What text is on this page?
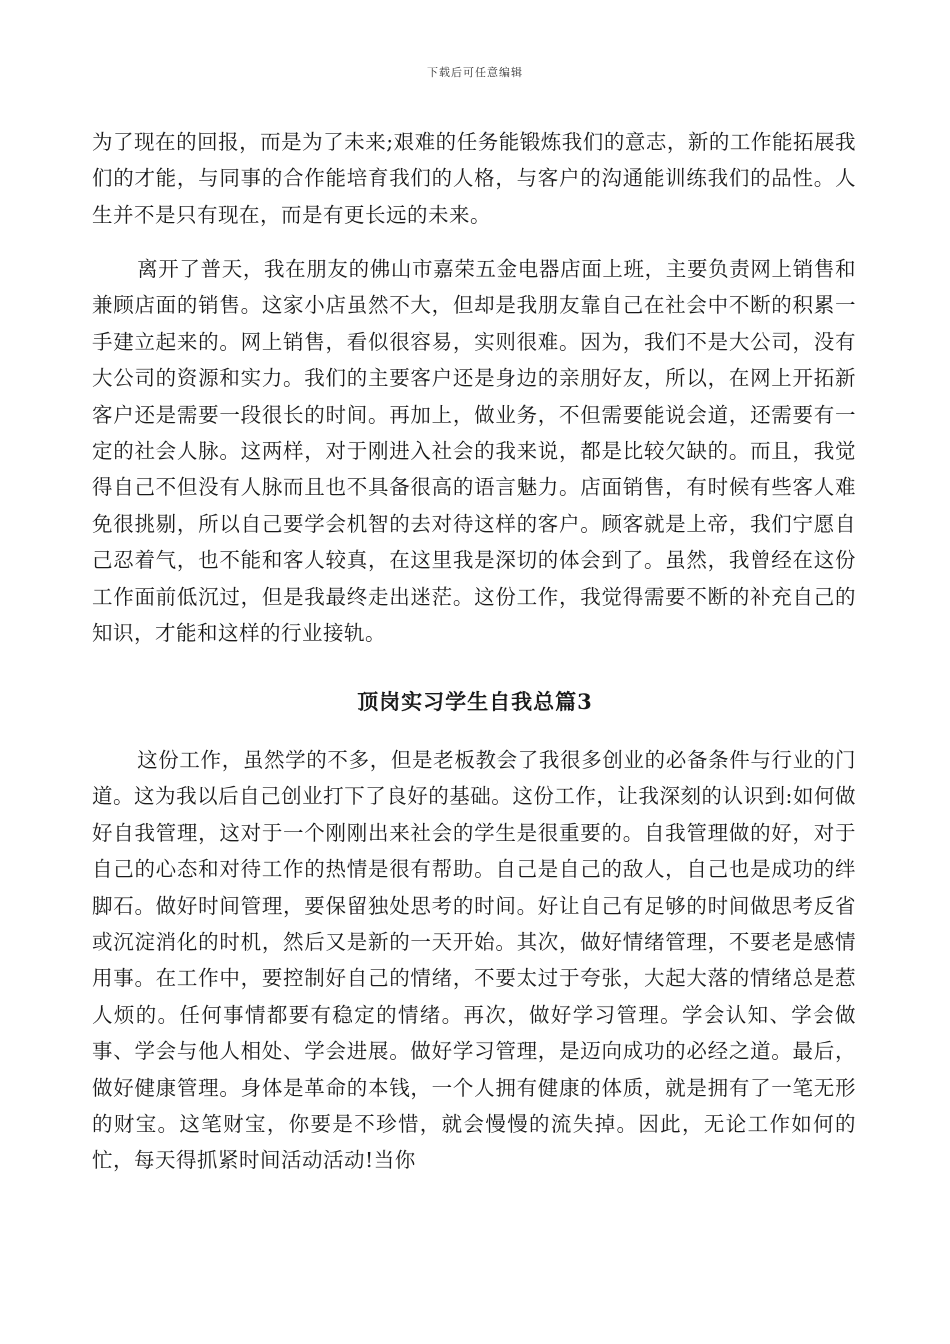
下载后可任意编辑

为了现在的回报，而是为了未来;艰难的任务能锻炼我们的意志，新的工作能拓展我们的才能，与同事的合作能培育我们的人格，与客户的沟通能训练我们的品性。人生并不是只有现在，而是有更长远的未来。

离开了普天，我在朋友的佛山市嘉荣五金电器店面上班，主要负责网上销售和兼顾店面的销售。这家小店虽然不大，但却是我朋友靠自己在社会中不断的积累一手建立起来的。网上销售，看似很容易，实则很难。因为，我们不是大公司，没有大公司的资源和实力。我们的主要客户还是身边的亲朋好友，所以，在网上开拓新客户还是需要一段很长的时间。再加上，做业务，不但需要能说会道，还需要有一定的社会人脉。这两样，对于刚进入社会的我来说，都是比较欠缺的。而且，我觉得自己不但没有人脉而且也不具备很高的语言魅力。店面销售，有时候有些客人难免很挑剔，所以自己要学会机智的去对待这样的客户。顾客就是上帝，我们宁愿自己忍着气，也不能和客人较真，在这里我是深切的体会到了。虽然，我曾经在这份工作面前低沉过，但是我最终走出迷茫。这份工作，我觉得需要不断的补充自己的知识，才能和这样的行业接轨。

顶岗实习学生自我总篇3

这份工作，虽然学的不多，但是老板教会了我很多创业的必备条件与行业的门道。这为我以后自己创业打下了良好的基础。这份工作，让我深刻的认识到:如何做好自我管理，这对于一个刚刚出来社会的学生是很重要的。自我管理做的好，对于自己的心态和对待工作的热情是很有帮助。自己是自己的敌人，自己也是成功的绊脚石。做好时间管理，要保留独处思考的时间。好让自己有足够的时间做思考反省或沉淀消化的时机，然后又是新的一天开始。其次，做好情绪管理，不要老是感情用事。在工作中，要控制好自己的情绪，不要太过于夸张，大起大落的情绪总是惹人烦的。任何事情都要有稳定的情绪。再次，做好学习管理。学会认知、学会做事、学会与他人相处、学会进展。做好学习管理，是迈向成功的必经之道。最后，做好健康管理。身体是革命的本钱，一个人拥有健康的体质，就是拥有了一笔无形的财宝。这笔财宝，你要是不珍惜，就会慢慢的流失掉。因此，无论工作如何的忙，每天得抓紧时间活动活动!当你
